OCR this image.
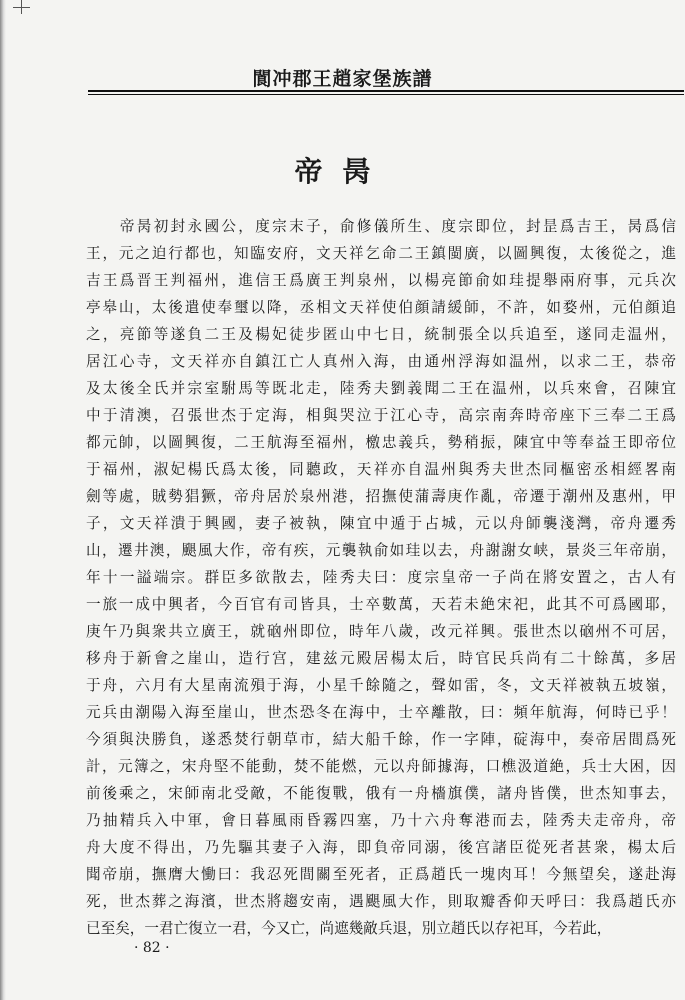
閬冲郡王趙家堡族譜
帝昺
　　帝昺初封永國公，度宗末子，俞修儀所生、度宗即位，封昰爲吉王，昺爲信
王，元之迫行都也，知臨安府，文天祥乞命二王鎮閩廣，以圖興復，太後從之，進
吉王爲晋王判福州，進信王爲廣王判泉州，以楊亮節俞如珪提舉兩府事，元兵次
亭皋山，太後遣使奉璽以降，丞相文天祥使伯顔請緩師，不許，如婺州，元伯顔追
之，亮節等遂負二王及楊妃徒步匿山中七日，統制張全以兵追至，遂同走温州，
居江心寺，文天祥亦自鎮江亡人真州入海，由通州浮海如温州，以求二王，恭帝
及太後全氏并宗室駙馬等既北走，陸秀夫劉義聞二王在温州，以兵來會，召陳宜
中于清澳，召張世杰于定海，相與哭泣于江心寺，高宗南奔時帝座下三奉二王爲
都元帥，以圖興復，二王航海至福州，檄忠義兵，勢稍振，陳宜中等奉益王即帝位
于福州，淑妃楊氏爲太後，同聽政，天祥亦自温州與秀夫世杰同樞密丞相經畧南
劍等處，賊勢猖獗，帝舟居於泉州港，招撫使蒲壽庚作亂，帝遷于潮州及惠州，甲
子，文天祥潰于興國，妻子被執，陳宜中遁于占城，元以舟師襲淺灣，帝舟遷秀
山，遷井澳，颶風大作，帝有疾，元襲執俞如珪以去，舟謝謝女峡，景炎三年帝崩，
年十一謚端宗。群臣多欲散去，陸秀夫曰：度宗皇帝一子尚在將安置之，古人有
一旅一成中興者，今百官有司皆具，士卒數萬，天若未絶宋祀，此其不可爲國耶，
庚午乃與衆共立廣王，就硇州即位，時年八歲，改元祥興。張世杰以硇州不可居，
移舟于新會之崖山，造行宫，建兹元殿居楊太后，時官民兵尚有二十餘萬，多居
于舟，六月有大星南流殞于海，小星千餘隨之，聲如雷，冬，文天祥被執五坡嶺，
元兵由潮陽入海至崖山，世杰恐冬在海中，士卒離散，曰：頻年航海，何時已乎！
今須與決勝負，遂悉焚行朝草市，結大船千餘，作一字陣，碇海中，奏帝居間爲死
計，元簿之，宋舟堅不能動，焚不能燃，元以舟師據海，口樵汲道絶，兵士大困，因
前後乘之，宋師南北受敵，不能復戰，俄有一舟檣旗僕，諸舟皆僕，世杰知事去，
乃抽精兵入中軍，會日暮風雨昏霧四塞，乃十六舟奪港而去，陸秀夫走帝舟，帝
舟大度不得出，乃先驅其妻子入海，即負帝同溺，後宫諸臣從死者甚衆，楊太后
聞帝崩，撫膺大慟曰：我忍死間關至死者，正爲趙氏一塊肉耳！今無望矣，遂赴海
死，世杰葬之海濱，世杰將趨安南，遇颶風大作，則取瓣香仰天呼曰：我爲趙氏亦
已至矣，一君亡復立一君，今又亡，尚遮幾敵兵退，別立趙氏以存祀耳，今若此，
· 82 ·
